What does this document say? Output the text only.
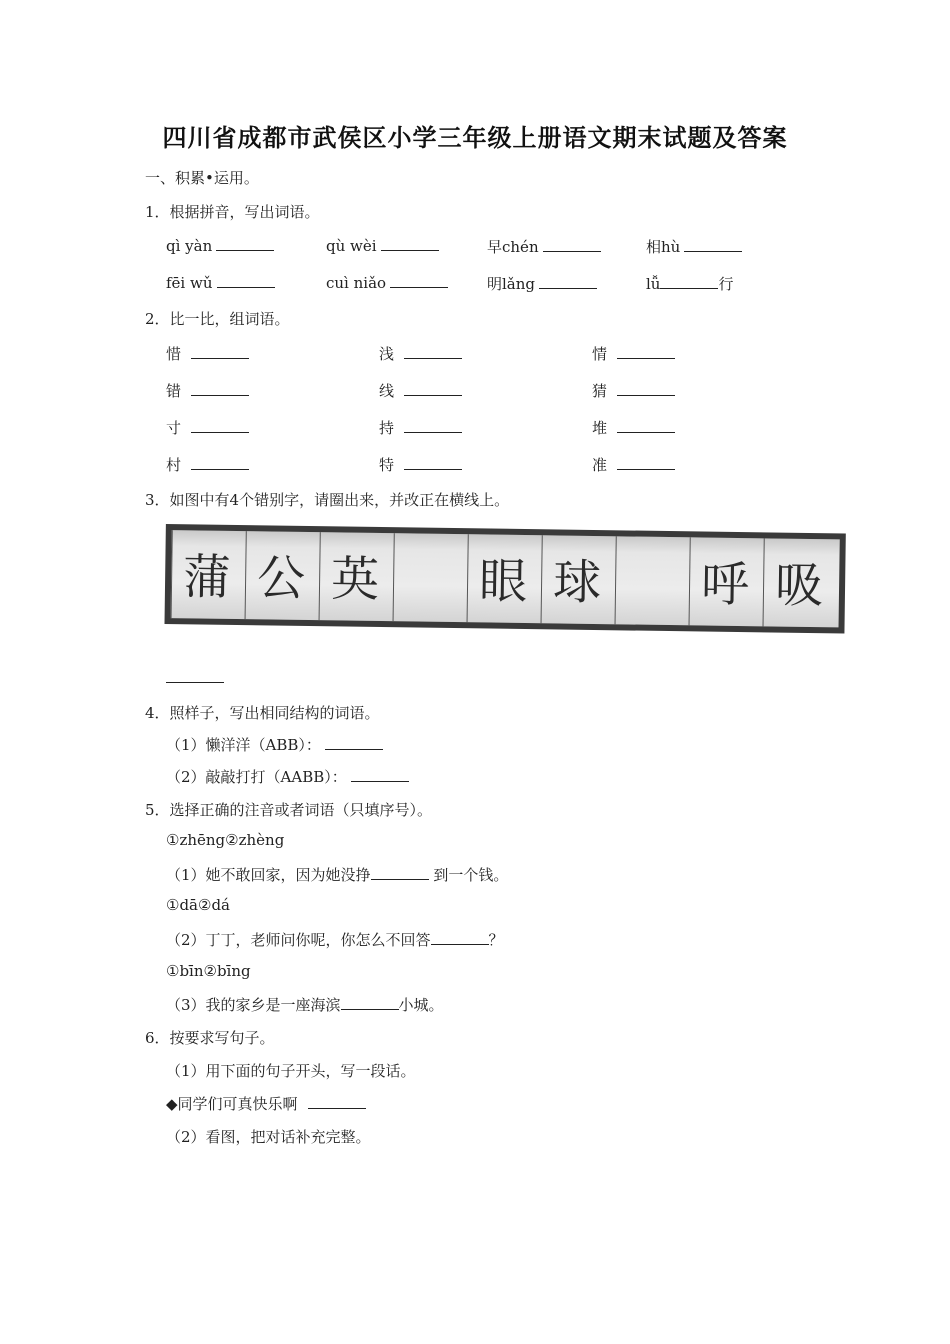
四川省成都市武侯区小学三年级上册语文期末试题及答案
一、积累•运用。
1．根据拼音，写出词语。
qì yàn	qù wèi	早chén	相hù
fēi wǔ	cuì niǎo	明lǎng	lǚ	行
2．比一比，组词语。
惜	浅	情
错	线	猜
寸	持	堆
村	特	准
3．如图中有4个错别字，请圈出来，并改正在横线上。
蒲 公 英 眼 球 呼 吸
4．照样子，写出相同结构的词语。
（1）懒洋洋（ABB）：
（2）敲敲打打（AABB）：
5．选择正确的注音或者词语（只填序号）。
①zhēng②zhèng
（1）她不敢回家，因为她没挣	到一个钱。
①dā②dá
（2）丁丁，老师问你呢，你怎么不回答	？
①bīn②bīng
（3）我的家乡是一座海滨	小城。
6．按要求写句子。
（1）用下面的句子开头，写一段话。
◆同学们可真快乐啊
（2）看图，把对话补充完整。
